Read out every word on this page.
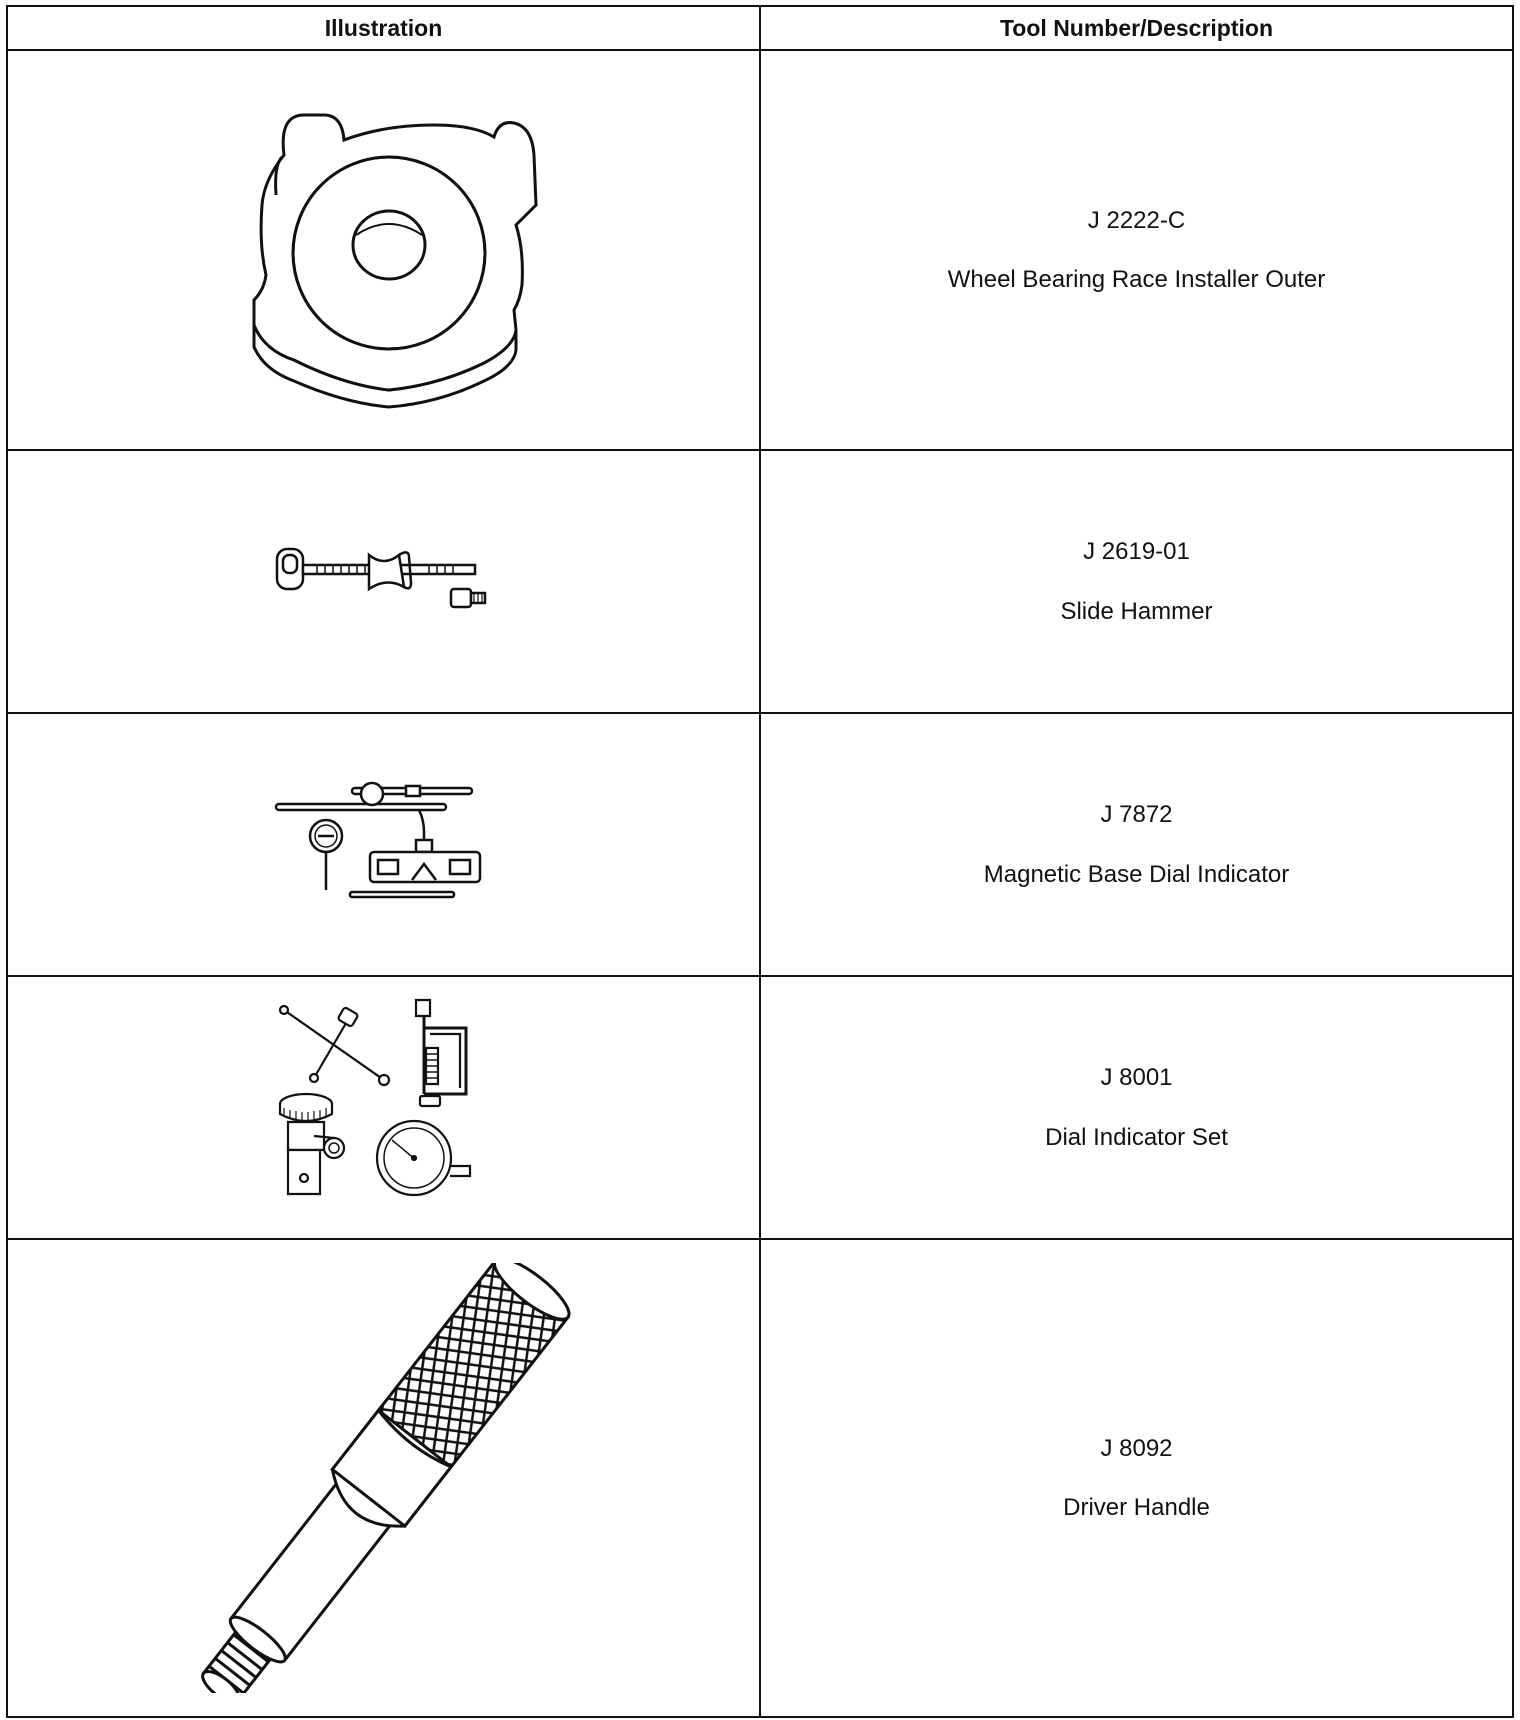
Illustration	Tool Number/Description

J 2222-C
Wheel Bearing Race Installer Outer

J 2619-01
Slide Hammer

J 7872
Magnetic Base Dial Indicator

J 8001
Dial Indicator Set

J 8092
Driver Handle
